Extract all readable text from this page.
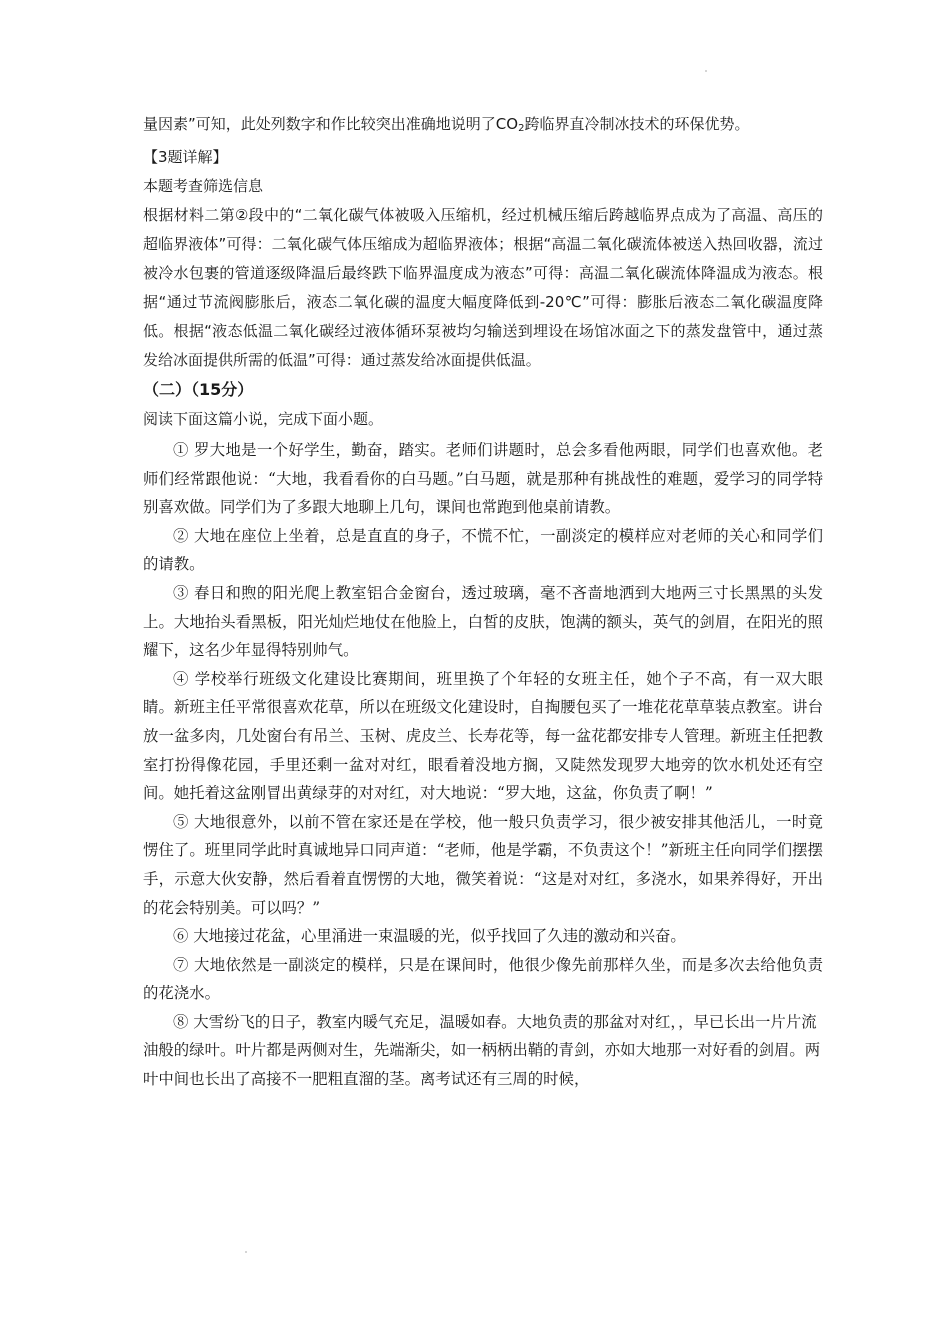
量因素”可知，此处列数字和作比较突出准确地说明了$CO_2$跨临界直冷制冰技术的环保优势。

【3题详解】

本题考查筛选信息

根据材料二第②段中的“二氧化碳气体被吸入压缩机，经过机械压缩后跨越临界点成为了高温、高压的超临界液体”可得：二氧化碳气体压缩成为超临界液体；根据“高温二氧化碳流体被送入热回收器，流过被冷水包裹的管道逐级降温后最终跌下临界温度成为液态”可得：高温二氧化碳流体降温成为液态。根据“通过节流阀膨胀后，液态二氧化碳的温度大幅度降低到-20℃”可得：膨胀后液态二氧化碳温度降低。根据“液态低温二氧化碳经过液体循环泵被均匀输送到埋设在场馆冰面之下的蒸发盘管中，通过蒸发给冰面提供所需的低温”可得：通过蒸发给冰面提供低温。

（二）（15分）

阅读下面这篇小说，完成下面小题。

① 罗大地是一个好学生，勤奋，踏实。老师们讲题时，总会多看他两眼，同学们也喜欢他。老师们经常跟他说：“大地，我看看你的白马题。”白马题，就是那种有挑战性的难题，爱学习的同学特别喜欢做。同学们为了多跟大地聊上几句，课间也常跑到他桌前请教。

② 大地在座位上坐着，总是直直的身子，不慌不忙，一副淡定的模样应对老师的关心和同学们的请教。

③ 春日和煦的阳光爬上教室铝合金窗台，透过玻璃，毫不吝啬地洒到大地两三寸长黑黑的头发上。大地抬头看黑板，阳光灿烂地仗在他脸上，白皙的皮肤，饱满的额头，英气的剑眉，在阳光的照耀下，这名少年显得特别帅气。

④ 学校举行班级文化建设比赛期间，班里换了个年轻的女班主任，她个子不高，有一双大眼睛。新班主任平常很喜欢花草，所以在班级文化建设时，自掏腰包买了一堆花花草草装点教室。讲台放一盆多肉，几处窗台有吊兰、玉树、虎皮兰、长寿花等，每一盆花都安排专人管理。新班主任把教室打扮得像花园，手里还剩一盆对对红，眼看着没地方搁，又陡然发现罗大地旁的饮水机处还有空间。她托着这盆刚冒出黄绿芽的对对红，对大地说：“罗大地，这盆，你负责了啊！”

⑤ 大地很意外，以前不管在家还是在学校，他一般只负责学习，很少被安排其他活儿，一时竟愣住了。班里同学此时真诚地异口同声道：“老师，他是学霸，不负责这个！”新班主任向同学们摆摆手，示意大伙安静，然后看着直愣愣的大地，微笑着说：“这是对对红，多浇水，如果养得好，开出的花会特别美。可以吗？”

⑥ 大地接过花盆，心里涌进一束温暖的光，似乎找回了久违的激动和兴奋。

⑦ 大地依然是一副淡定的模样，只是在课间时，他很少像先前那样久坐，而是多次去给他负责的花浇水。

⑧ 大雪纷飞的日子，教室内暖气充足，温暖如春。大地负责的那盆对对红，，早已长出一片片流油般的绿叶。叶片都是两侧对生，先端渐尖，如一柄柄出鞘的青剑，亦如大地那一对好看的剑眉。两叶中间也长出了高接不一肥粗直溜的茎。离考试还有三周的时候，
